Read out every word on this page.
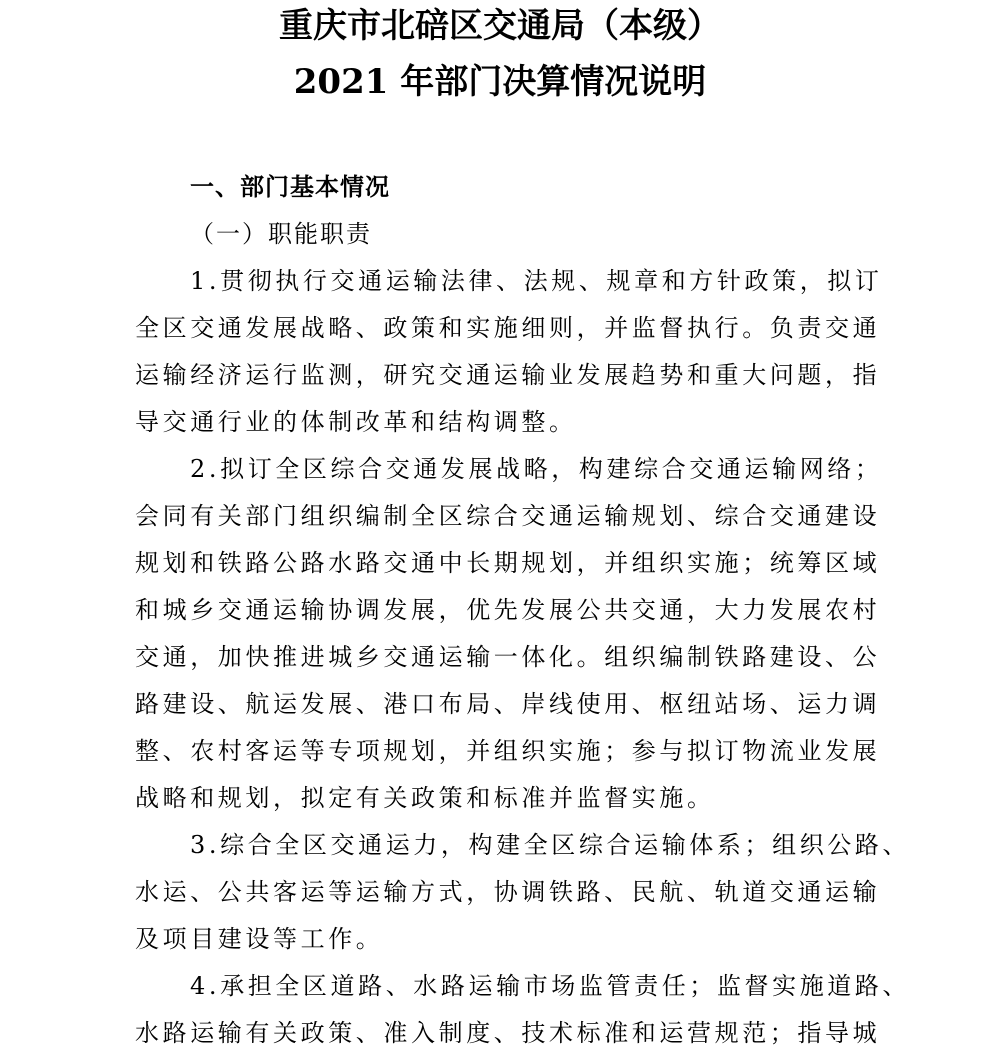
重庆市北碚区交通局（本级）
2021 年部门决算情况说明

一、部门基本情况

（一）职能职责

1.贯彻执行交通运输法律、法规、规章和方针政策，拟订

全区交通发展战略、政策和实施细则，并监督执行。负责交通

运输经济运行监测，研究交通运输业发展趋势和重大问题，指

导交通行业的体制改革和结构调整。

2.拟订全区综合交通发展战略，构建综合交通运输网络；

会同有关部门组织编制全区综合交通运输规划、综合交通建设

规划和铁路公路水路交通中长期规划，并组织实施；统筹区域

和城乡交通运输协调发展，优先发展公共交通，大力发展农村

交通，加快推进城乡交通运输一体化。组织编制铁路建设、公

路建设、航运发展、港口布局、岸线使用、枢纽站场、运力调

整、农村客运等专项规划，并组织实施；参与拟订物流业发展

战略和规划，拟定有关政策和标准并监督实施。

3.综合全区交通运力，构建全区综合运输体系；组织公路、

水运、公共客运等运输方式，协调铁路、民航、轨道交通运输

及项目建设等工作。

4.承担全区道路、水路运输市场监管责任；监督实施道路、

水路运输有关政策、准入制度、技术标准和运营规范；指导城
